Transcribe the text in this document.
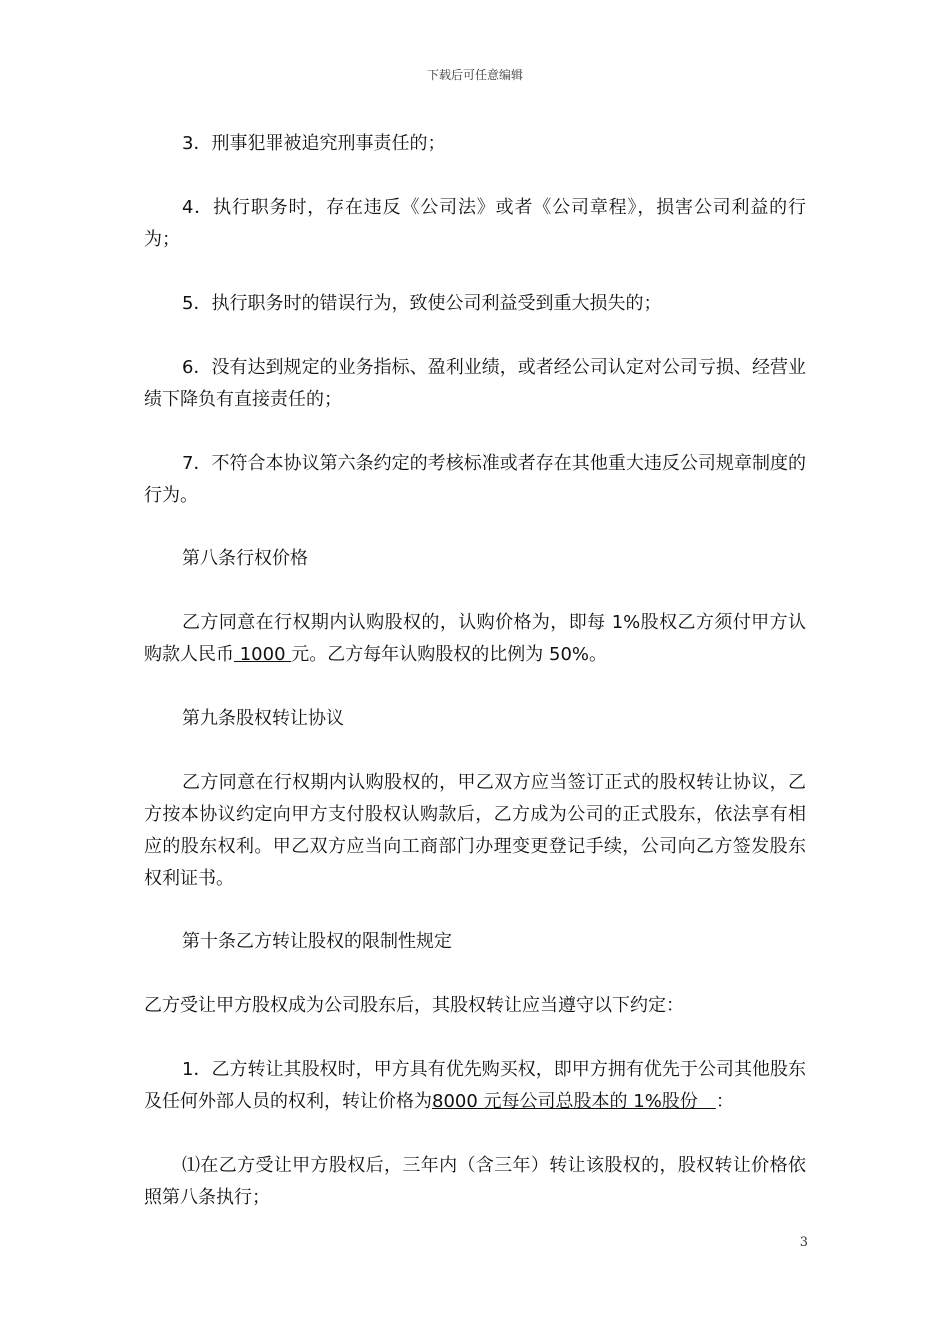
下载后可任意编辑

3．刑事犯罪被追究刑事责任的；

4．执行职务时，存在违反《公司法》或者《公司章程》，损害公司利益的行为；

5．执行职务时的错误行为，致使公司利益受到重大损失的；

6．没有达到规定的业务指标、盈利业绩，或者经公司认定对公司亏损、经营业绩下降负有直接责任的；

7．不符合本协议第六条约定的考核标准或者存在其他重大违反公司规章制度的行为。

第八条行权价格

乙方同意在行权期内认购股权的，认购价格为，即每 1%股权乙方须付甲方认购款人民币 1000 元。乙方每年认购股权的比例为 50%。

第九条股权转让协议

乙方同意在行权期内认购股权的，甲乙双方应当签订正式的股权转让协议，乙方按本协议约定向甲方支付股权认购款后，乙方成为公司的正式股东，依法享有相应的股东权利。甲乙双方应当向工商部门办理变更登记手续，公司向乙方签发股东权利证书。

第十条乙方转让股权的限制性规定

乙方受让甲方股权成为公司股东后，其股权转让应当遵守以下约定：

1．乙方转让其股权时，甲方具有优先购买权，即甲方拥有优先于公司其他股东及任何外部人员的权利，转让价格为8000 元每公司总股本的 1%股份　：

⑴在乙方受让甲方股权后，三年内（含三年）转让该股权的，股权转让价格依照第八条执行；

3
